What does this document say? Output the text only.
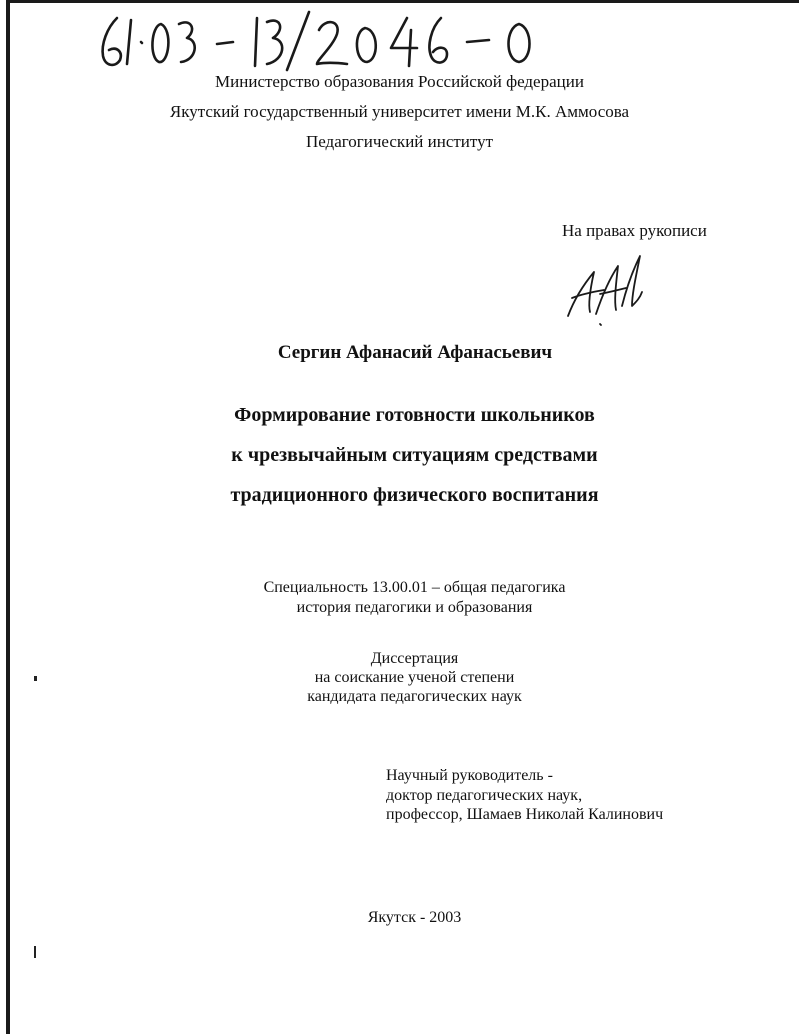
Министерство образования Российской федерации
Якутский государственный университет имени М.К. Аммосова
Педагогический институт
На правах рукописи
Сергин Афанасий Афанасьевич
Формирование готовности школьников
к чрезвычайным ситуациям средствами
традиционного физического воспитания
Специальность 13.00.01 – общая педагогика
история педагогики и образования
Диссертация
на соискание ученой степени
кандидата педагогических наук
Научный руководитель -
доктор педагогических наук,
профессор, Шамаев Николай Калинович
Якутск - 2003
